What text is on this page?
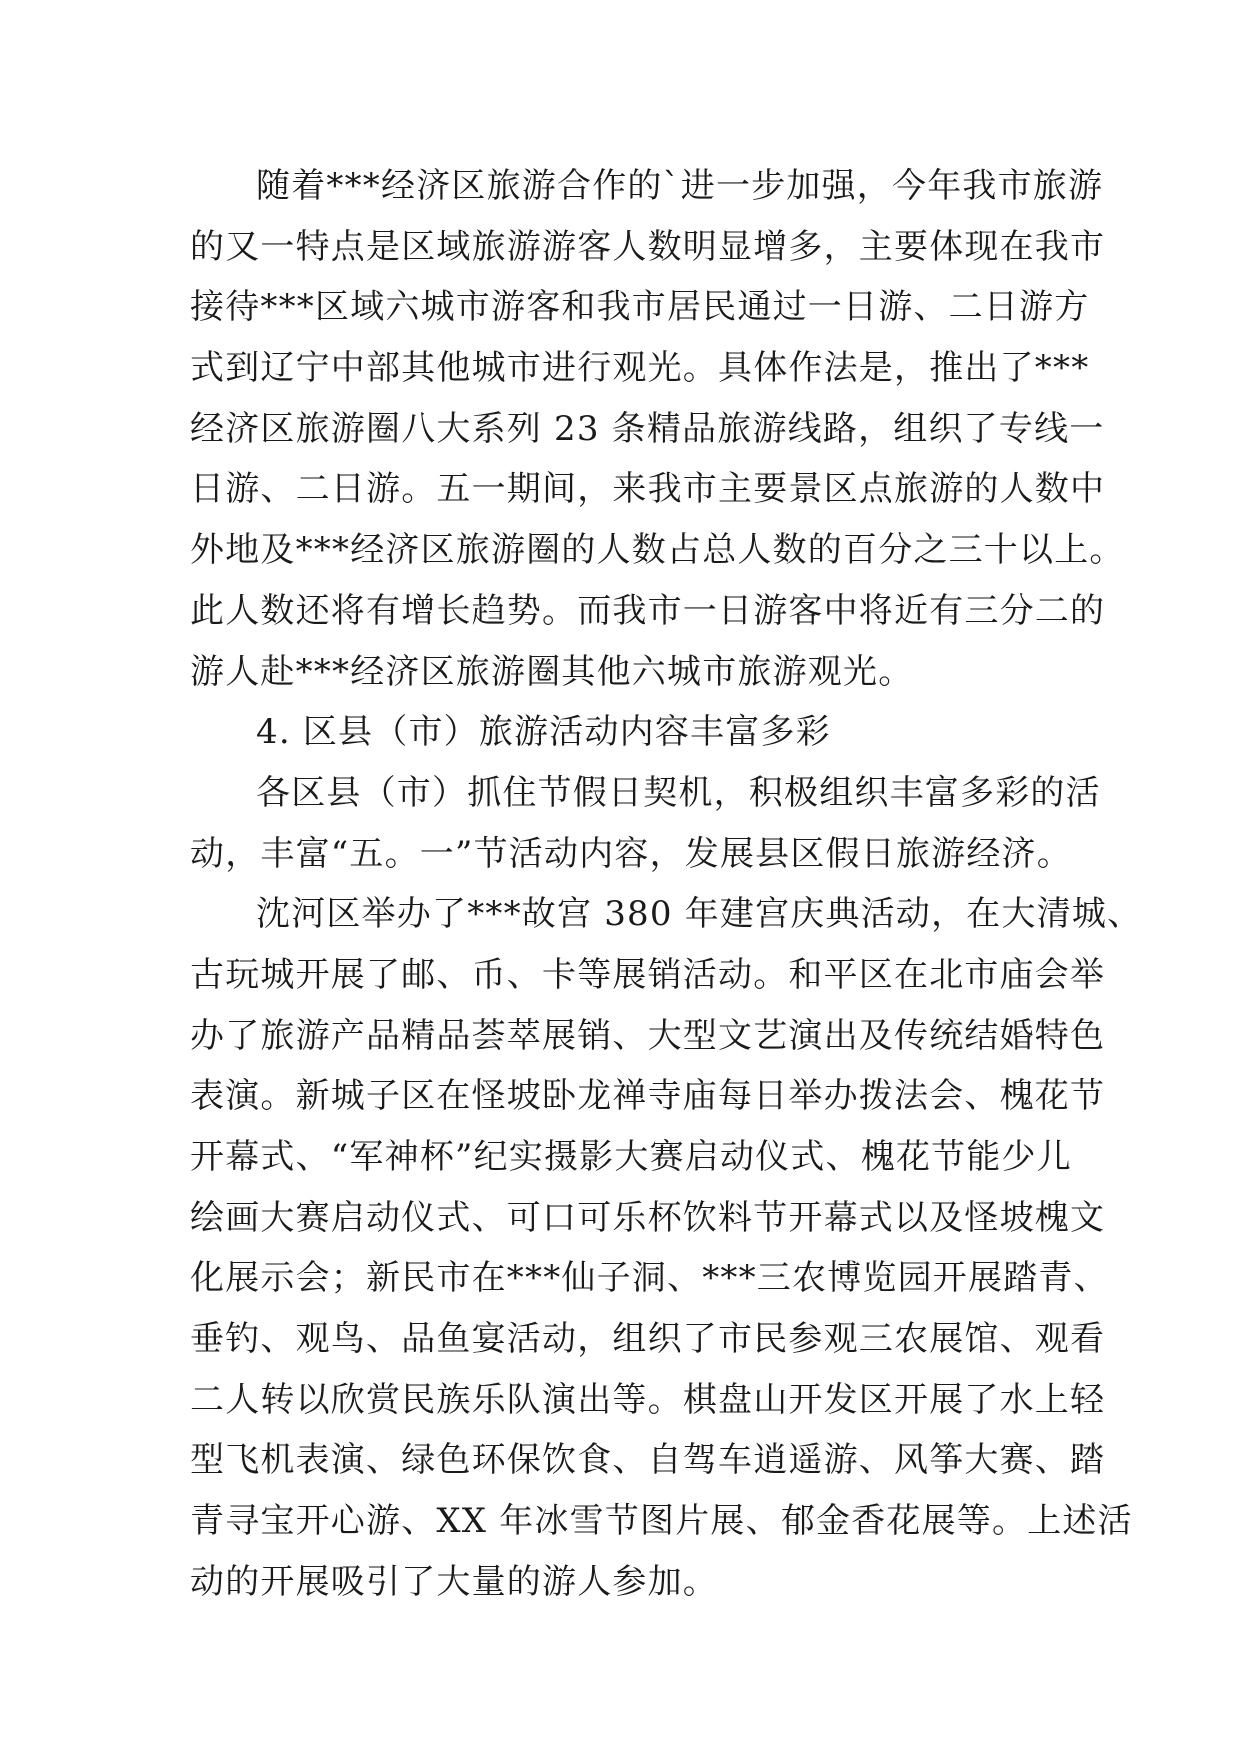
随着***经济区旅游合作的`进一步加强，今年我市旅游
的又一特点是区域旅游游客人数明显增多，主要体现在我市
接待***区域六城市游客和我市居民通过一日游、二日游方
式到辽宁中部其他城市进行观光。具体作法是，推出了***
经济区旅游圈八大系列 23 条精品旅游线路，组织了专线一
日游、二日游。五一期间，来我市主要景区点旅游的人数中
外地及***经济区旅游圈的人数占总人数的百分之三十以上。
此人数还将有增长趋势。而我市一日游客中将近有三分二的
游人赴***经济区旅游圈其他六城市旅游观光。
4. 区县（市）旅游活动内容丰富多彩
各区县（市）抓住节假日契机，积极组织丰富多彩的活
动，丰富“五。一”节活动内容，发展县区假日旅游经济。
沈河区举办了***故宫 380 年建宫庆典活动，在大清城、
古玩城开展了邮、币、卡等展销活动。和平区在北市庙会举
办了旅游产品精品荟萃展销、大型文艺演出及传统结婚特色
表演。新城子区在怪坡卧龙禅寺庙每日举办拨法会、槐花节
开幕式、“军神杯”纪实摄影大赛启动仪式、槐花节能少儿
绘画大赛启动仪式、可口可乐杯饮料节开幕式以及怪坡槐文
化展示会；新民市在***仙子洞、***三农博览园开展踏青、
垂钓、观鸟、品鱼宴活动，组织了市民参观三农展馆、观看
二人转以欣赏民族乐队演出等。棋盘山开发区开展了水上轻
型飞机表演、绿色环保饮食、自驾车逍遥游、风筝大赛、踏
青寻宝开心游、XX 年冰雪节图片展、郁金香花展等。上述活
动的开展吸引了大量的游人参加。
